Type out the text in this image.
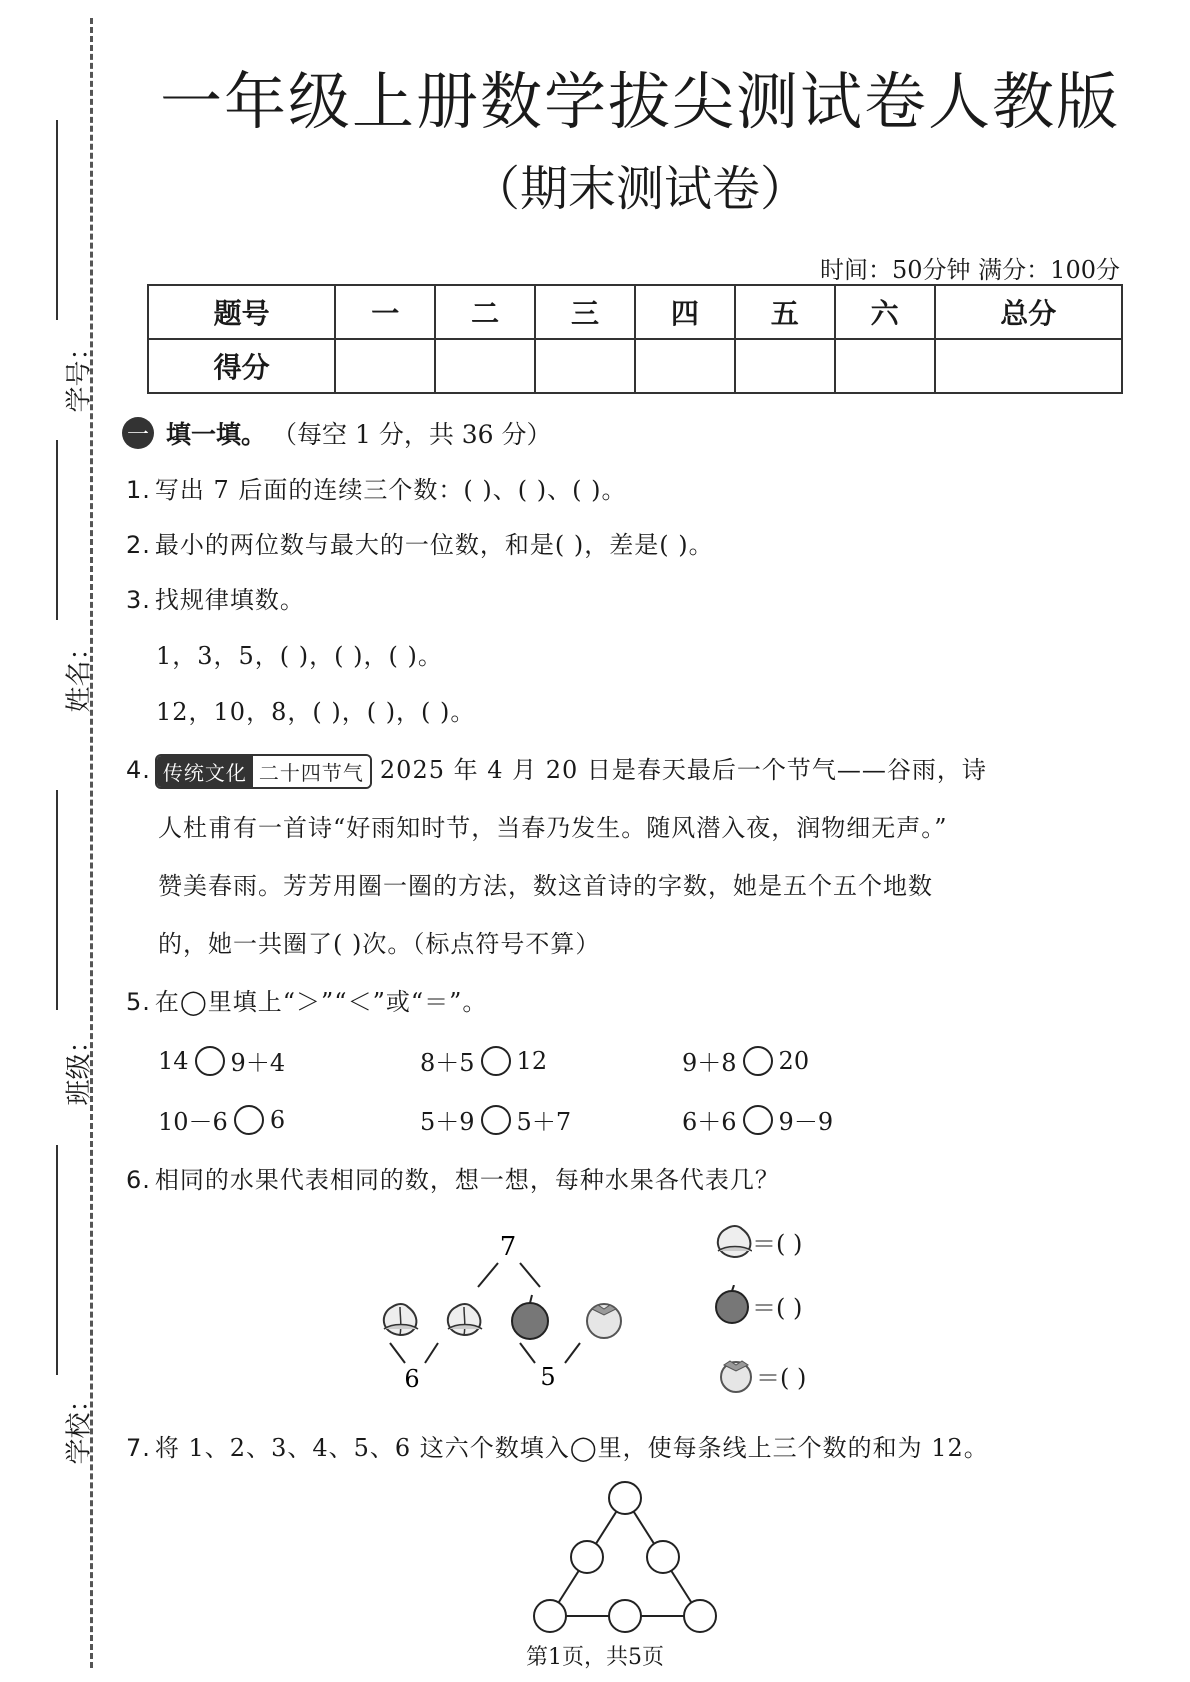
学号：
姓名：
班级：
学校：
一年级上册数学拔尖测试卷人教版
（期末测试卷）
时间：50分钟 满分：100分
题号	一	二	三	四	五	六	总分
得分							
一 填一填。 （每空 1 分，共 36 分）
1. 写出 7 后面的连续三个数：( )、( )、( )。
2. 最小的两位数与最大的一位数，和是( )，差是( )。
3. 找规律填数。
1，3，5，( )，( )，( )。
12，10，8，( )，( )，( )。
4. 传统文化 二十四节气 2025 年 4 月 20 日是春天最后一个节气——谷雨，诗
人杜甫有一首诗“好雨知时节，当春乃发生。随风潜入夜，润物细无声。”
赞美春雨。芳芳用圈一圈的方法，数这首诗的字数，她是五个五个地数
的，她一共圈了( )次。（标点符号不算）
5. 在◯里填上“＞”“＜”或“＝”。
14 9＋4	8＋5 12	9＋8 20
10－6 6	5＋9 5＋7	6＋6 9－9
6. 相同的水果代表相同的数，想一想，每种水果各代表几？
7
6	5
＝( )
＝( )
＝( )
7. 将 1、2、3、4、5、6 这六个数填入◯里，使每条线上三个数的和为 12。
第1页，共5页
